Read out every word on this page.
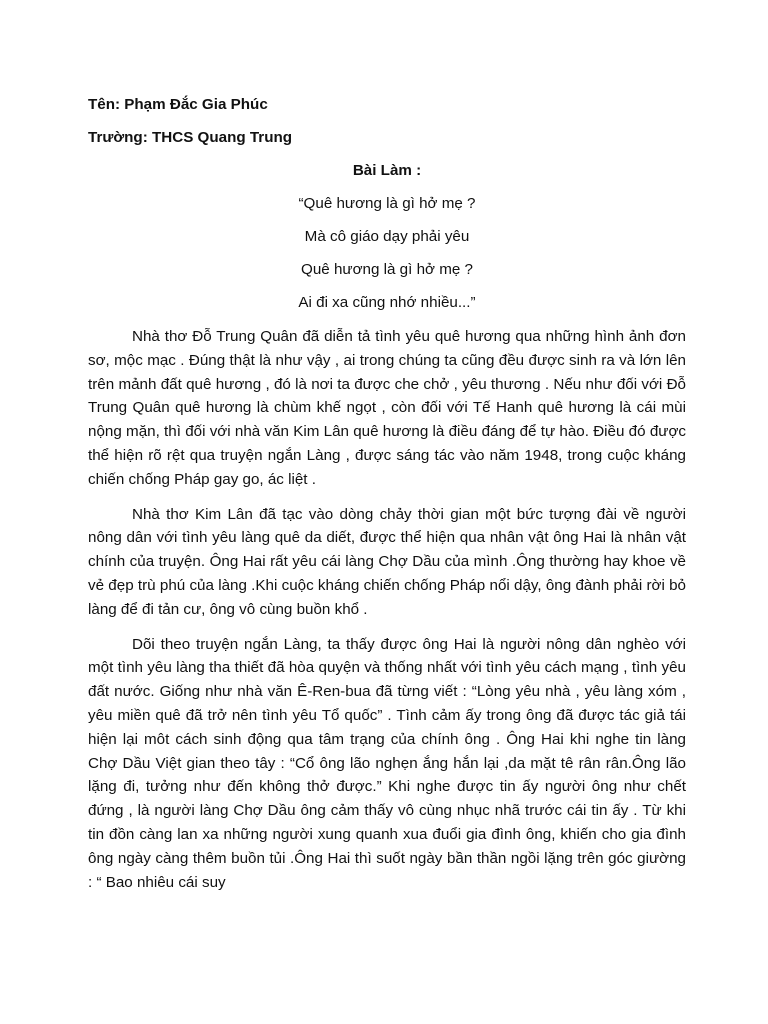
Tên: Phạm Đắc Gia Phúc

Trường: THCS Quang Trung

Bài Làm :

“Quê hương là gì hở mẹ ?

Mà cô giáo dạy phải yêu

Quê hương là gì hở mẹ ?

Ai đi xa cũng nhớ nhiều...”

Nhà thơ Đỗ Trung Quân đã diễn tả tình yêu quê hương qua những hình ảnh đơn sơ, mộc mạc . Đúng thật là như vậy , ai trong chúng ta cũng đều được sinh ra và lớn lên trên mảnh đất quê hương , đó là nơi ta được che chở , yêu thương . Nếu như đối với Đỗ Trung Quân quê hương là chùm khế ngọt , còn đối với Tế Hanh quê hương là cái mùi nộng mặn, thì đối với nhà văn Kim Lân quê hương là điều đáng để tự hào. Điều đó được thể hiện rõ rệt qua truyện ngắn Làng , được sáng tác vào năm 1948, trong cuộc kháng chiến chống Pháp gay go, ác liệt .

Nhà thơ Kim Lân đã tạc vào dòng chảy thời gian một bức tượng đài về người nông dân với tình yêu làng quê da diết, được thể hiện qua nhân vật ông Hai là nhân vật chính của truyện. Ông Hai rất yêu cái làng Chợ Dầu của mình .Ông thường hay khoe về vẻ đẹp trù phú của làng .Khi cuộc kháng chiến chống Pháp nổi dậy, ông đành phải rời bỏ làng để đi tản cư, ông vô cùng buồn khổ .

Dõi theo truyện ngắn Làng, ta thấy được ông Hai là người nông dân nghèo với một tình yêu làng tha thiết đã hòa quyện và thống nhất với tình yêu cách mạng , tình yêu đất nước. Giống như nhà văn Ê-Ren-bua đã từng viết : “Lòng yêu nhà , yêu làng xóm , yêu miền quê đã trở nên tình yêu Tổ quốc” . Tình cảm ấy trong ông đã được tác giả tái hiện lại môt cách sinh động qua tâm trạng của chính ông . Ông Hai khi nghe tin làng Chợ Dầu Việt gian theo tây : “Cổ ông lão nghẹn ắng hắn lại ,da mặt tê rân rân.Ông lão lặng đi, tưởng như đến không thở được.” Khi nghe được tin ấy người ông như chết đứng , là người làng Chợ Dầu ông cảm thấy vô cùng nhục nhã trước cái tin ấy . Từ khi tin đồn càng lan xa những người xung quanh xua đuổi gia đình ông, khiến cho gia đình ông ngày càng thêm buồn tủi .Ông Hai thì suốt ngày bần thần ngồi lặng trên góc giường : “ Bao nhiêu cái suy
